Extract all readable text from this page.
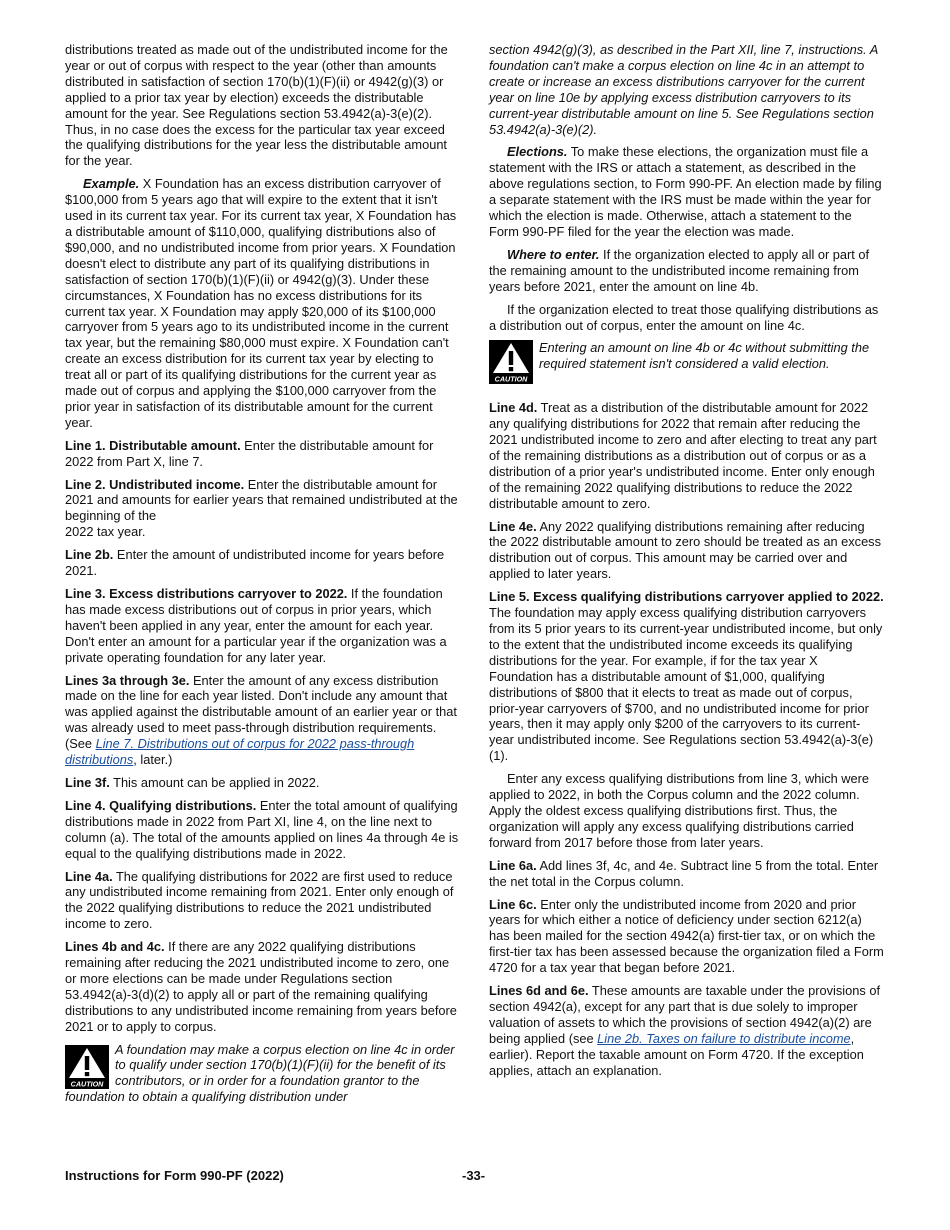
distributions treated as made out of the undistributed income for the year or out of corpus with respect to the year (other than amounts distributed in satisfaction of section 170(b)(1)(F)(ii) or 4942(g)(3) or applied to a prior tax year by election) exceeds the distributable amount for the year. See Regulations section 53.4942(a)-3(e)(2). Thus, in no case does the excess for the particular tax year exceed the qualifying distributions for the year less the distributable amount for the year.

Example. X Foundation has an excess distribution carryover of $100,000 from 5 years ago that will expire to the extent that it isn't used in its current tax year. For its current tax year, X Foundation has a distributable amount of $110,000, qualifying distributions also of $90,000, and no undistributed income from prior years. X Foundation doesn't elect to distribute any part of its qualifying distributions in satisfaction of section 170(b)(1)(F)(ii) or 4942(g)(3). Under these circumstances, X Foundation has no excess distributions for its current tax year. X Foundation may apply $20,000 of its $100,000 carryover from 5 years ago to its undistributed income in the current tax year, but the remaining $80,000 must expire. X Foundation can't create an excess distribution for its current tax year by electing to treat all or part of its qualifying distributions for the current year as made out of corpus and applying the $100,000 carryover from the prior year in satisfaction of its distributable amount for the current year.

Line 1. Distributable amount. Enter the distributable amount for 2022 from Part X, line 7.

Line 2. Undistributed income. Enter the distributable amount for 2021 and amounts for earlier years that remained undistributed at the beginning of the
2022 tax year.

Line 2b. Enter the amount of undistributed income for years before 2021.

Line 3. Excess distributions carryover to 2022. If the foundation has made excess distributions out of corpus in prior years, which haven't been applied in any year, enter the amount for each year. Don't enter an amount for a particular year if the organization was a private operating foundation for any later year.

Lines 3a through 3e. Enter the amount of any excess distribution made on the line for each year listed. Don't include any amount that was applied against the distributable amount of an earlier year or that was already used to meet pass-through distribution requirements. (See Line 7. Distributions out of corpus for 2022 pass-through distributions, later.)

Line 3f. This amount can be applied in 2022.

Line 4. Qualifying distributions. Enter the total amount of qualifying distributions made in 2022 from Part XI, line 4, on the line next to column (a). The total of the amounts applied on lines 4a through 4e is equal to the qualifying distributions made in 2022.

Line 4a. The qualifying distributions for 2022 are first used to reduce any undistributed income remaining from 2021. Enter only enough of the 2022 qualifying distributions to reduce the 2021 undistributed income to zero.

Lines 4b and 4c. If there are any 2022 qualifying distributions remaining after reducing the 2021 undistributed income to zero, one or more elections can be made under Regulations section 53.4942(a)-3(d)(2) to apply all or part of the remaining qualifying distributions to any undistributed income remaining from years before 2021 or to apply to corpus.

A foundation may make a corpus election on line 4c in order to qualify under section 170(b)(1)(F)(ii) for the benefit of its contributors, or in order for a foundation grantor to the foundation to obtain a qualifying distribution under

section 4942(g)(3), as described in the Part XII, line 7, instructions. A foundation can't make a corpus election on line 4c in an attempt to create or increase an excess distributions carryover for the current year on line 10e by applying excess distribution carryovers to its current-year distributable amount on line 5. See Regulations section 53.4942(a)-3(e)(2).

Elections. To make these elections, the organization must file a statement with the IRS or attach a statement, as described in the above regulations section, to Form 990-PF. An election made by filing a separate statement with the IRS must be made within the year for which the election is made. Otherwise, attach a statement to the Form 990-PF filed for the year the election was made.

Where to enter. If the organization elected to apply all or part of the remaining amount to the undistributed income remaining from years before 2021, enter the amount on line 4b.

If the organization elected to treat those qualifying distributions as a distribution out of corpus, enter the amount on line 4c.

Entering an amount on line 4b or 4c without submitting the required statement isn't considered a valid election.

Line 4d. Treat as a distribution of the distributable amount for 2022 any qualifying distributions for 2022 that remain after reducing the 2021 undistributed income to zero and after electing to treat any part of the remaining distributions as a distribution out of corpus or as a distribution of a prior year's undistributed income. Enter only enough of the remaining 2022 qualifying distributions to reduce the 2022 distributable amount to zero.

Line 4e. Any 2022 qualifying distributions remaining after reducing the 2022 distributable amount to zero should be treated as an excess distribution out of corpus. This amount may be carried over and applied to later years.

Line 5. Excess qualifying distributions carryover applied to 2022. The foundation may apply excess qualifying distribution carryovers from its 5 prior years to its current-year undistributed income, but only to the extent that the undistributed income exceeds its qualifying distributions for the year. For example, if for the tax year X Foundation has a distributable amount of $1,000, qualifying distributions of $800 that it elects to treat as made out of corpus, prior-year carryovers of $700, and no undistributed income for prior years, then it may apply only $200 of the carryovers to its current-year undistributed income. See Regulations section 53.4942(a)-3(e)(1).

Enter any excess qualifying distributions from line 3, which were applied to 2022, in both the Corpus column and the 2022 column. Apply the oldest excess qualifying distributions first. Thus, the organization will apply any excess qualifying distributions carried forward from 2017 before those from later years.

Line 6a. Add lines 3f, 4c, and 4e. Subtract line 5 from the total. Enter the net total in the Corpus column.

Line 6c. Enter only the undistributed income from 2020 and prior years for which either a notice of deficiency under section 6212(a) has been mailed for the section 4942(a) first-tier tax, or on which the first-tier tax has been assessed because the organization filed a Form 4720 for a tax year that began before 2021.

Lines 6d and 6e. These amounts are taxable under the provisions of section 4942(a), except for any part that is due solely to improper valuation of assets to which the provisions of section 4942(a)(2) are being applied (see Line 2b. Taxes on failure to distribute income, earlier). Report the taxable amount on Form 4720. If the exception applies, attach an explanation.

Instructions for Form 990-PF (2022)	-33-
